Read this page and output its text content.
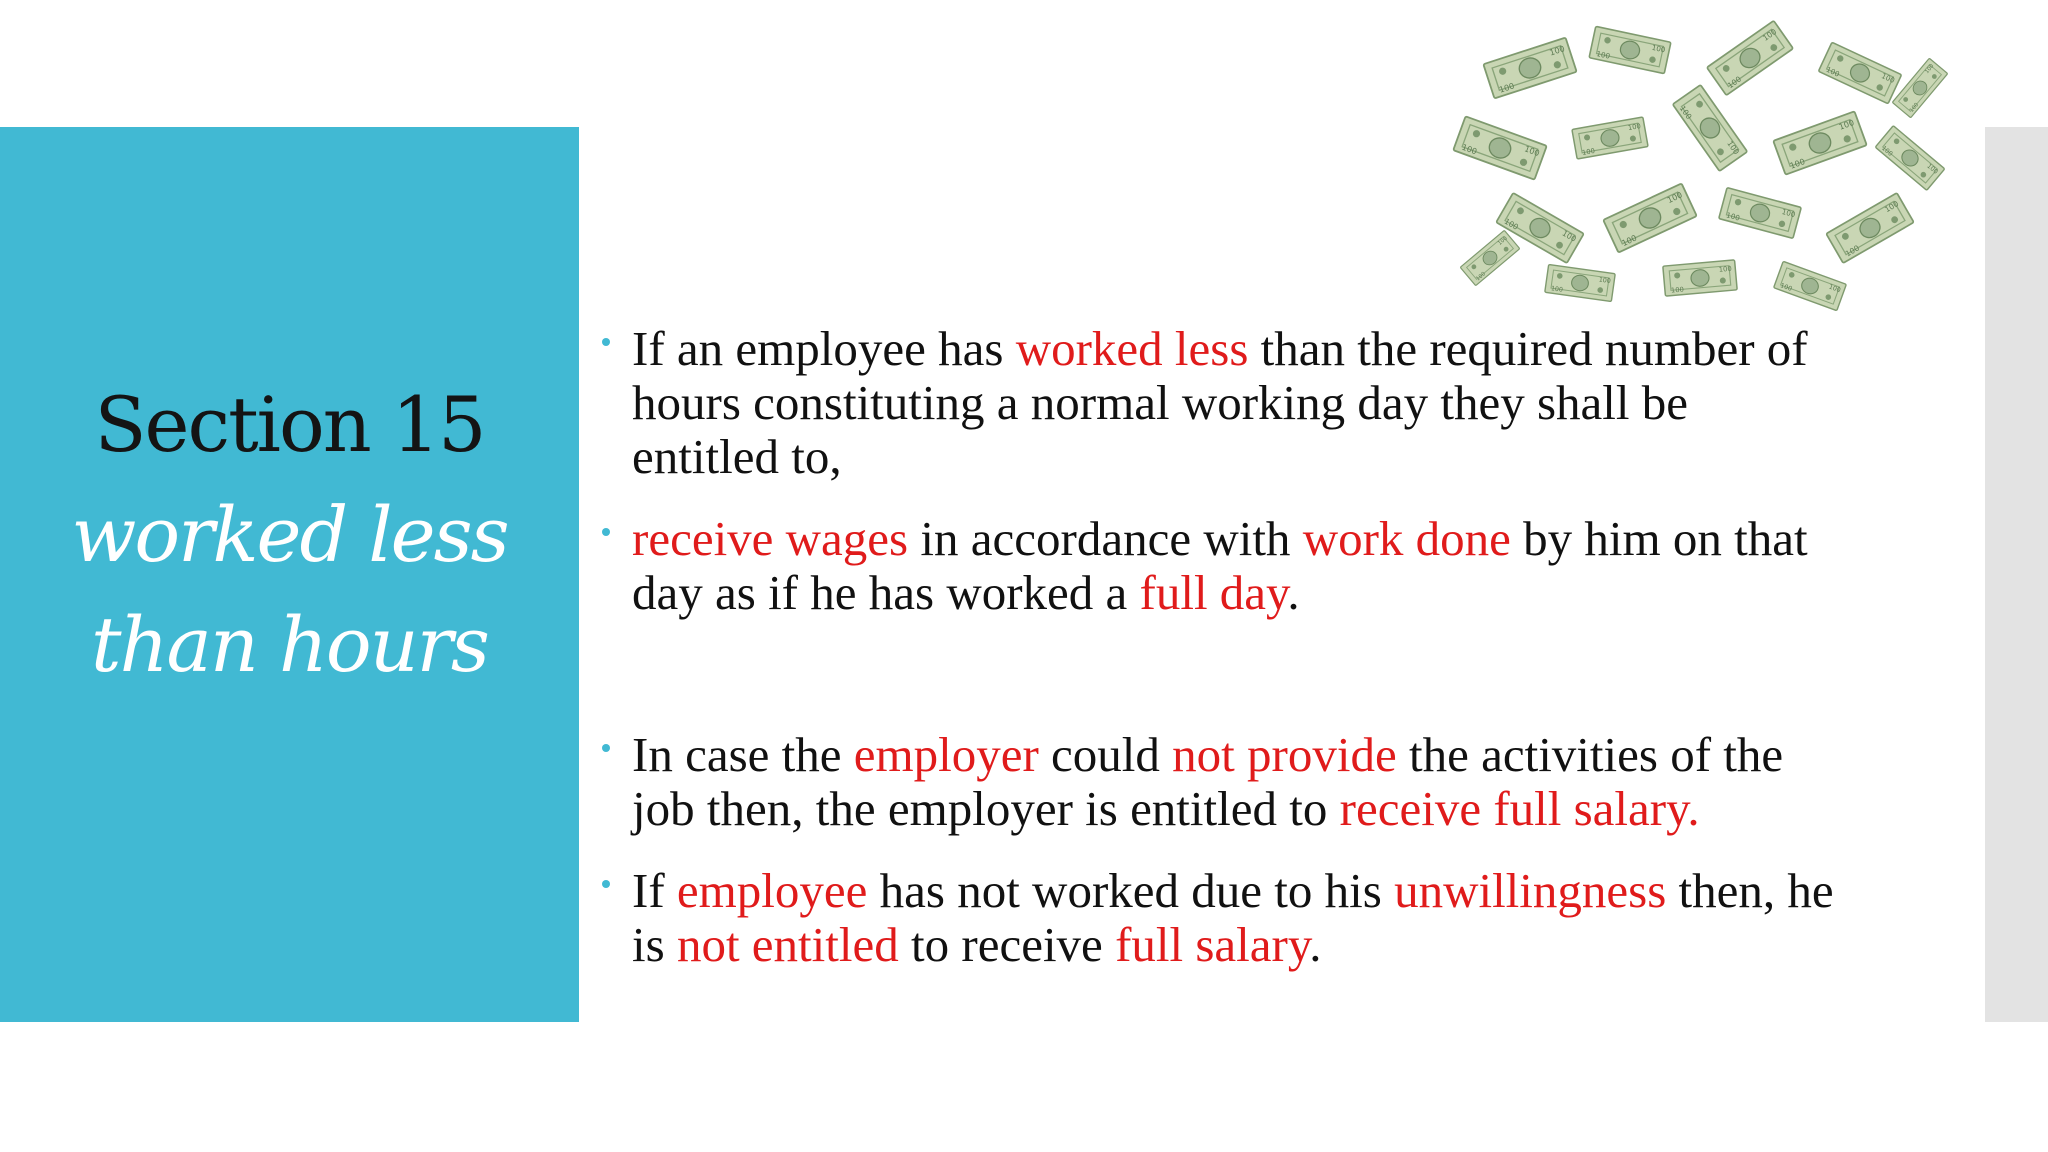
Section 15
worked less
than hours
100
100
If an employee has worked less than the required number of hours constituting a normal working day they shall be entitled to,
receive wages in accordance with work done by him on that day as if he has worked a full day.
In case the employer could not provide the activities of the job then, the employer is entitled to receive full salary.
If employee has not worked due to his unwillingness then, he is not entitled to receive full salary.
